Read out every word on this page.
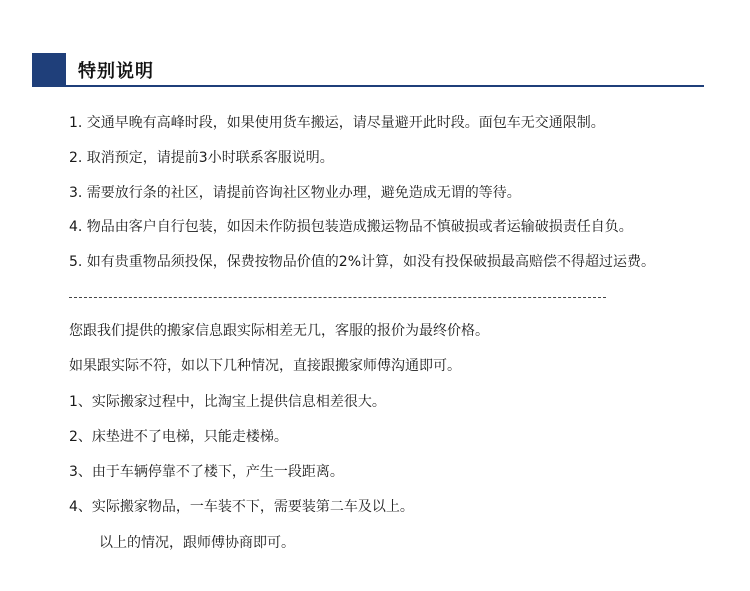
特别说明
1. 交通早晚有高峰时段，如果使用货车搬运，请尽量避开此时段。面包车无交通限制。
2. 取消预定，请提前3小时联系客服说明。
3. 需要放行条的社区，请提前咨询社区物业办理，避免造成无谓的等待。
4. 物品由客户自行包装，如因未作防损包装造成搬运物品不慎破损或者运输破损责任自负。
5. 如有贵重物品须投保，保费按物品价值的2%计算，如没有投保破损最高赔偿不得超过运费。
您跟我们提供的搬家信息跟实际相差无几，客服的报价为最终价格。
如果跟实际不符，如以下几种情况，直接跟搬家师傅沟通即可。
1、实际搬家过程中，比淘宝上提供信息相差很大。
2、床垫进不了电梯，只能走楼梯。
3、由于车辆停靠不了楼下，产生一段距离。
4、实际搬家物品，一车装不下，需要装第二车及以上。
以上的情况，跟师傅协商即可。
